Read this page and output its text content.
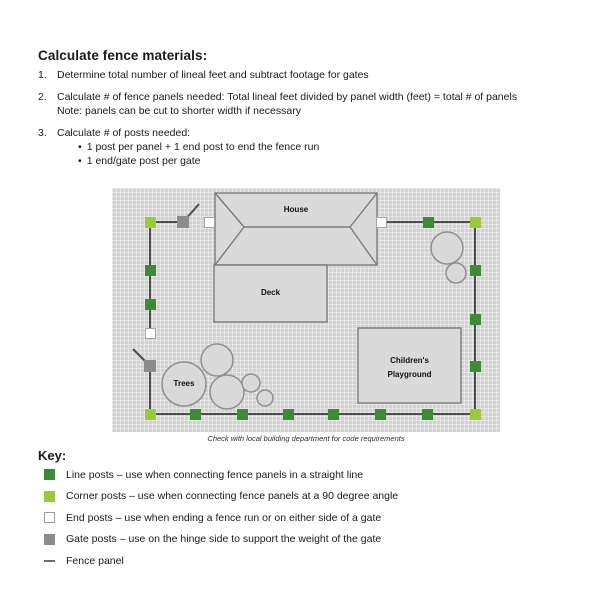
Calculate fence materials:
1. Determine total number of lineal feet and subtract footage for gates
2. Calculate # of fence panels needed: Total lineal feet divided by panel width (feet) = total # of panels
Note: panels can be cut to shorter width if necessary
3. Calculate # of posts needed:
• 1 post per panel + 1 end post to end the fence run
• 1 end/gate post per gate
House
Deck
Children's
Playground
Trees
Check with local building department for code requirements
Key:
Line posts – use when connecting fence panels in a straight line
Corner posts – use when connecting fence panels at a 90 degree angle
End posts – use when ending a fence run or on either side of a gate
Gate posts – use on the hinge side to support the weight of the gate
Fence panel
